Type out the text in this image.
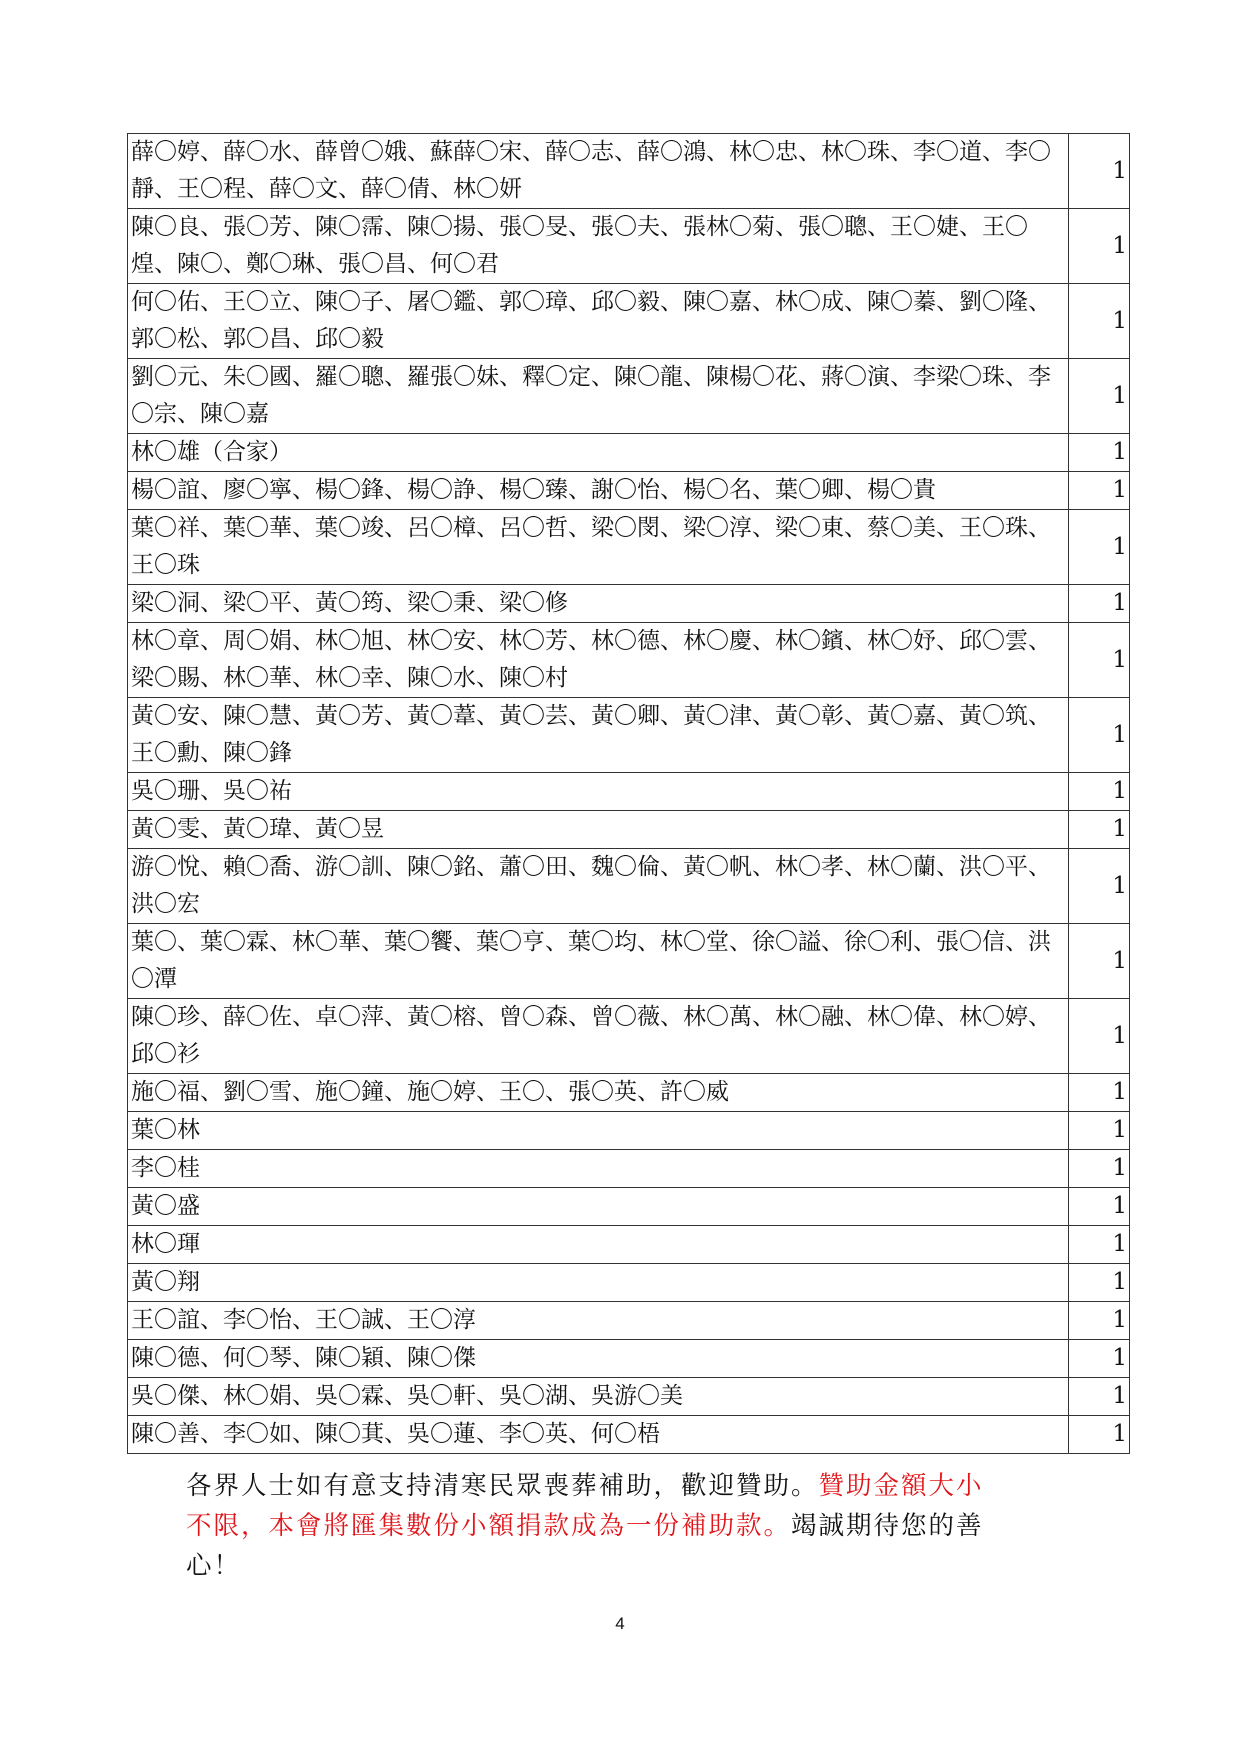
薛〇婷、薛〇水、薛曾〇娥、蘇薛〇宋、薛〇志、薛〇鴻、林〇忠、林〇珠、李〇道、李〇靜、王〇程、薛〇文、薛〇倩、林〇妍	1
陳〇良、張〇芳、陳〇霈、陳〇揚、張〇旻、張〇夫、張林〇菊、張〇聰、王〇婕、王〇煌、陳〇、鄭〇琳、張〇昌、何〇君	1
何〇佑、王〇立、陳〇子、屠〇鑑、郭〇璋、邱〇毅、陳〇嘉、林〇成、陳〇蓁、劉〇隆、郭〇松、郭〇昌、邱〇毅	1
劉〇元、朱〇國、羅〇聰、羅張〇妹、釋〇定、陳〇龍、陳楊〇花、蔣〇演、李梁〇珠、李〇宗、陳〇嘉	1
林〇雄（合家）	1
楊〇誼、廖〇寧、楊〇鋒、楊〇諍、楊〇臻、謝〇怡、楊〇名、葉〇卿、楊〇貴	1
葉〇祥、葉〇華、葉〇竣、呂〇樟、呂〇哲、梁〇閔、梁〇淳、梁〇東、蔡〇美、王〇珠、王〇珠	1
梁〇洞、梁〇平、黃〇筠、梁〇秉、梁〇修	1
林〇章、周〇娟、林〇旭、林〇安、林〇芳、林〇德、林〇慶、林〇鑌、林〇妤、邱〇雲、梁〇賜、林〇華、林〇幸、陳〇水、陳〇村	1
黃〇安、陳〇慧、黃〇芳、黃〇葦、黃〇芸、黃〇卿、黃〇津、黃〇彰、黃〇嘉、黃〇筑、王〇勳、陳〇鋒	1
吳〇珊、吳〇祐	1
黃〇雯、黃〇瑋、黃〇昱	1
游〇悅、賴〇喬、游〇訓、陳〇銘、蕭〇田、魏〇倫、黃〇帆、林〇孝、林〇蘭、洪〇平、洪〇宏	1
葉〇、葉〇霖、林〇華、葉〇饗、葉〇亨、葉〇均、林〇堂、徐〇謚、徐〇利、張〇信、洪〇潭	1
陳〇珍、薛〇佐、卓〇萍、黃〇榕、曾〇森、曾〇薇、林〇萬、林〇融、林〇偉、林〇婷、邱〇衫	1
施〇福、劉〇雪、施〇鐘、施〇婷、王〇、張〇英、許〇威	1
葉〇林	1
李〇桂	1
黃〇盛	1
林〇琿	1
黃〇翔	1
王〇誼、李〇怡、王〇誠、王〇淳	1
陳〇德、何〇琴、陳〇穎、陳〇傑	1
吳〇傑、林〇娟、吳〇霖、吳〇軒、吳〇湖、吳游〇美	1
陳〇善、李〇如、陳〇萁、吳〇蓮、李〇英、何〇梧	1

各界人士如有意支持清寒民眾喪葬補助，歡迎贊助。贊助金額大小不限，本會將匯集數份小額捐款成為一份補助款。竭誠期待您的善心！

4
